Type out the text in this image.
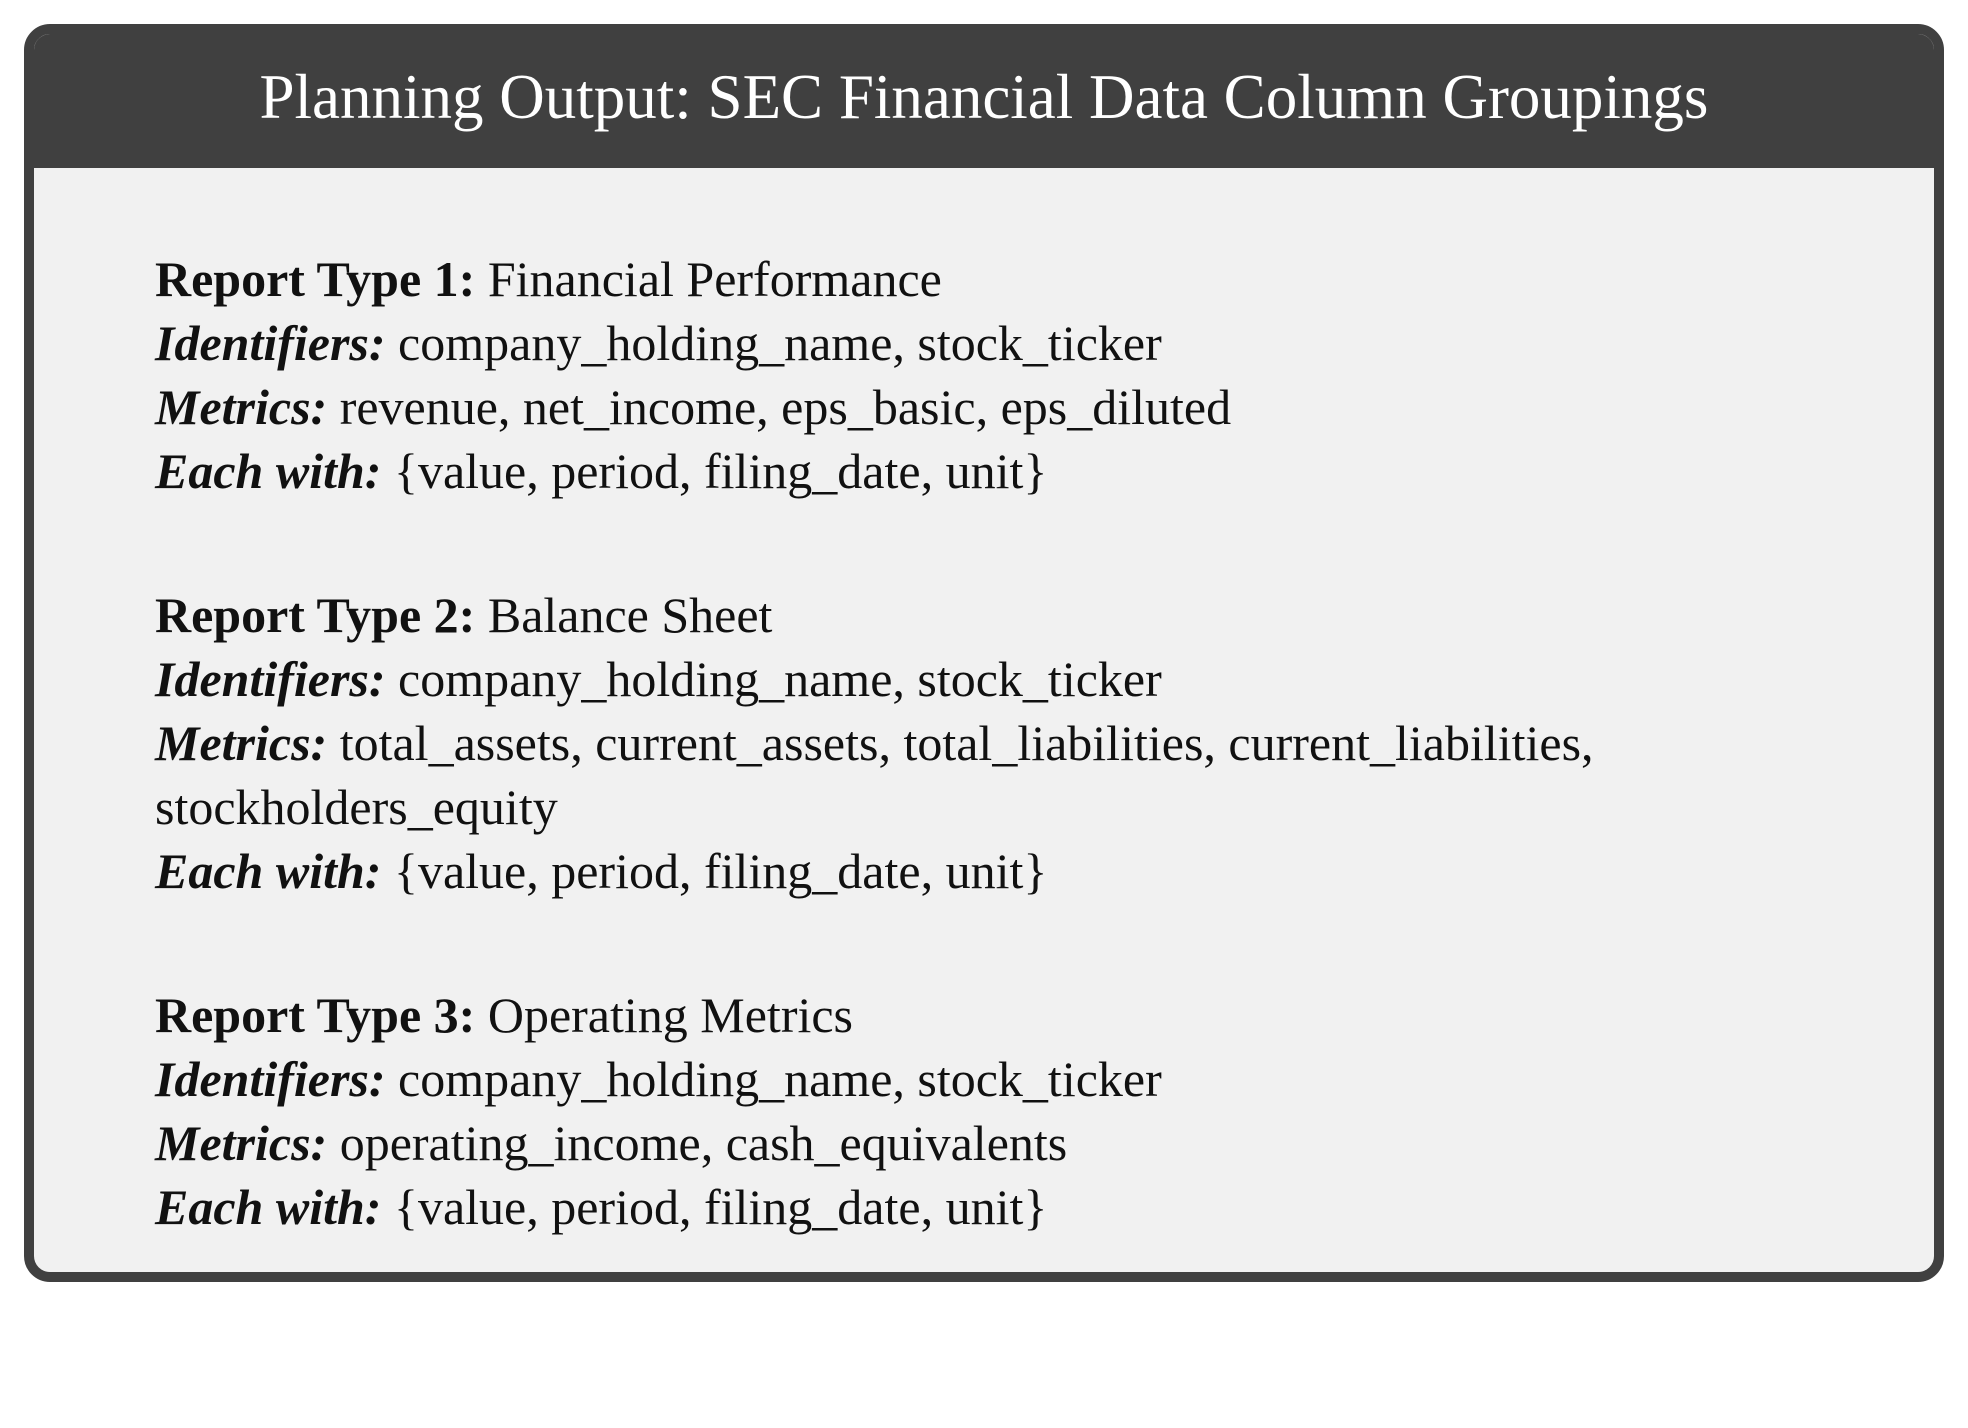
Planning Output: SEC Financial Data Column Groupings
Report Type 1: Financial Performance
Identifiers: company_holding_name, stock_ticker
Metrics: revenue, net_income, eps_basic, eps_diluted
Each with: {value, period, filing_date, unit}
Report Type 2: Balance Sheet
Identifiers: company_holding_name, stock_ticker
Metrics: total_assets, current_assets, total_liabilities, current_liabilities, stockholders_equity
Each with: {value, period, filing_date, unit}
Report Type 3: Operating Metrics
Identifiers: company_holding_name, stock_ticker
Metrics: operating_income, cash_equivalents
Each with: {value, period, filing_date, unit}
